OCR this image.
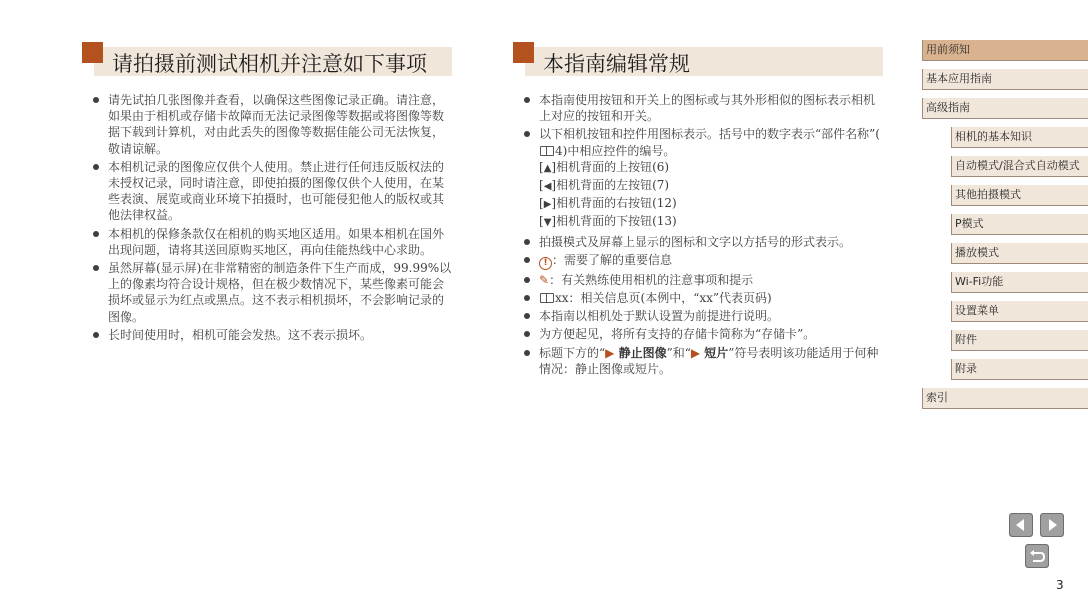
请拍摄前测试相机并注意如下事项
请先试拍几张图像并查看，以确保这些图像记录正确。请注意，如果由于相机或存储卡故障而无法记录图像等数据或将图像等数据下载到计算机，对由此丢失的图像等数据佳能公司无法恢复，敬请谅解。
本相机记录的图像应仅供个人使用。禁止进行任何违反版权法的未授权记录，同时请注意，即使拍摄的图像仅供个人使用，在某些表演、展览或商业环境下拍摄时，也可能侵犯他人的版权或其他法律权益。
本相机的保修条款仅在相机的购买地区适用。如果本相机在国外出现问题，请将其送回原购买地区，再向佳能热线中心求助。
虽然屏幕(显示屏)在非常精密的制造条件下生产而成，99.99%以上的像素均符合设计规格，但在极少数情况下，某些像素可能会损坏或显示为红点或黑点。这不表示相机损坏，不会影响记录的图像。
长时间使用时，相机可能会发热。这不表示损坏。
本指南编辑常规
本指南使用按钮和开关上的图标或与其外形相似的图标表示相机上对应的按钮和开关。
以下相机按钮和控件用图标表示。括号中的数字表示“部件名称”(4)中相应控件的编号。
[▲]相机背面的上按钮(6)
[◀]相机背面的左按钮(7)
[▶]相机背面的右按钮(12)
[▼]相机背面的下按钮(13)
拍摄模式及屏幕上显示的图标和文字以方括号的形式表示。
! ：需要了解的重要信息
✎：有关熟练使用相机的注意事项和提示
xx：相关信息页(本例中，“xx”代表页码)
本指南以相机处于默认设置为前提进行说明。
为方便起见，将所有支持的存储卡简称为“存储卡”。
标题下方的“▶ 静止图像”和“▶ 短片”符号表明该功能适用于何种情况：静止图像或短片。
用前须知
基本应用指南
高级指南
相机的基本知识
自动模式/混合式自动模式
其他拍摄模式
P模式
播放模式
Wi-Fi功能
设置菜单
附件
附录
索引
3
